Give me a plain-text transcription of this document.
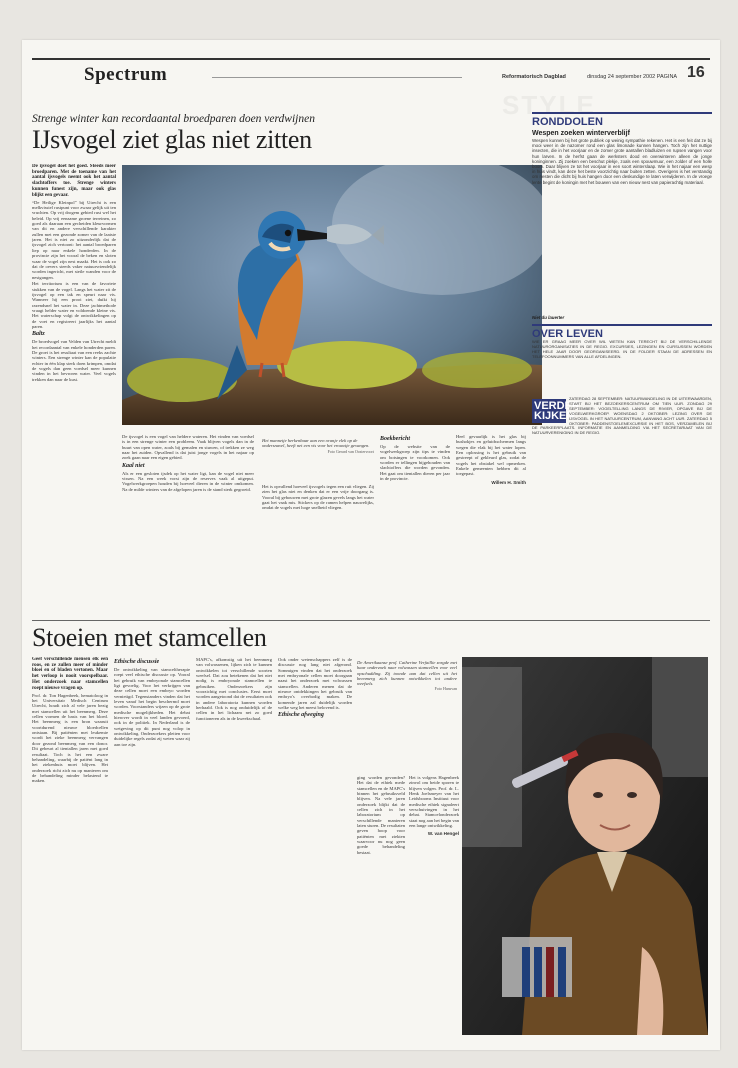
Spectrum	Reformatorisch Dagblad	dinsdag 24 september 2002 PAGINA 16
STYLE
Strenge winter kan recordaantal broedparen doen verdwijnen
IJsvogel ziet glas niet zitten

De ijsvogel doet het goed. Steeds meer broedparen. Met de toename van het aantal ijsvogels neemt ook het aantal slachtoffers toe. Strenge winters kunnen funest zijn, maar ook glas blijkt een gevaar.

“De Heilige Kleinpol” bij Utrecht is een melkvisstel rustpunt voor zwaar gelijk uit ten vruchten. Op vrij drogem gebied rust wel het beleid. Op vrij eenzame groene terreinen, zo goed als daaraan een gecheiden kleurvormen van dit en andere verschillende karakter zullen met een gezonde zomer van de laatste jaren. Het is niet zo uitzonderlijk dat de ijsvogel zich vertoont: het aantal broedparen liep op naar enkele honderden. In de provincie zijn het vooral de beken en sloten waar de vogel zijn nest maakt. Het is ook zo dat de oevers steeds vaker natuurvriendelijk worden ingericht, met steile wanden voor de nestgangen.

Het territorium is een van de favoriete stukken van de vogel. Langs het water zit de ijsvogel op een tak en speurt naar vis. Wanneer hij een prooi ziet, duikt hij razendsnel het water in. Deze jachtmethode vraagt helder water en voldoende kleine vis. Het waterschap volgt de ontwikkelingen op de voet en registreert jaarlijks het aantal paren.

Baltz

De broedvogel van Velden van Utrecht meldt het recordaantal van enkele honderden paren. De groei is het resultaat van een reeks zachte winters. Een strenge winter kan de populatie echter in één klap sterk doen krimpen, omdat de vogels dan geen voedsel meer kunnen vinden in het bevroren water. Veel vogels trekken dan naar de kust.

Het mannetje herkenbaar aan een oranje vlek op de ondersnavel, heeft net een vis voor het vrouwtje gevangen.
Foto Gerard van Oostervoort

De ijsvogel is een vogel van heldere wateren. Het vinden van voedsel is in een strenge winter een probleem. Vaak blijven vogels dan in de buurt van open water, zoals bij gemalen en stuwen, of trekken ze weg naar het zuiden. Opvallend is dat juist jonge vogels in het najaar op zoek gaan naar een eigen gebied.

Kaal niet

Als er een gesloten ijsdek op het water ligt, kan de vogel niet meer vissen. Na een week vorst zijn de reserves vaak al uitgeput. Vogelwerkgroepen houden bij hoeveel dieren in de winter omkomen. Na de milde winters van de afgelopen jaren is de stand sterk gegroeid.

Het is opvallend hoeveel ijsvogels tegen een ruit vliegen. Zij zien het glas niet en denken dat er een vrije doorgang is. Vooral bij gebouwen met grote glazen gevels langs het water gaat het vaak mis. Stickers op de ramen helpen nauwelijks, omdat de vogels met hoge snelheid vliegen.

Boekbericht

Op de website van de vogelwerkgroep zijn tips te vinden om botsingen te voorkomen. Ook worden er tellingen bijgehouden van slachtoffers die worden gevonden. Het gaat om tientallen dieren per jaar in de provincie.

Heel gevaarlijk is het glas bij bushokjes en geluidsschermen langs wegen die vlak bij het water lopen. Een oplossing is het gebruik van gestreept of gekleurd glas, zodat de vogels het obstakel wel opmerken. Enkele gemeenten hebben dit al toegepast.

Willem H. Smith

RONDDOLEN
Wespen zoeken winterverblijf
Wespen kunnen bij het grote publiek op weinig sympathie rekenen. Het is een feit dat ze bij mooi weer in de nazomer rond een glas limonade kunnen hangen. Toch zijn het nuttige insecten, die in het voorjaar en de zomer grote aantallen bladluizen en rupsen vangen voor hun larven. In de herfst gaan de werksters dood en overwinteren alleen de jonge koninginnen. Zij zoeken een beschut plekje, zoals een spouwmuur, een zolder of een holle boom. Daar blijven ze tot het voorjaar in een soort winterslaap. Wie in het najaar een wesp in huis vindt, kan deze het beste voorzichtig naar buiten zetten. Overigens is het verstandig om nesten die dicht bij huis hangen door een deskundige te laten verwijderen. In de vroege lente begint de koningin met het bouwen van een nieuw nest van papierachtig materiaal.
Niet du lauerter
OVER LEVEN
WIE ER GRAAG MEER OVER WIL WETEN KAN TERECHT BIJ DE VERSCHILLENDE NATUURORGANISATIES IN DE REGIO. EXCURSIES, LEZINGEN EN CURSUSSEN WORDEN HET HELE JAAR DOOR GEORGANISEERD. IN DE FOLDER STAAN DE ADRESSEN EN TELEFOONNUMMERS VAN ALLE AFDELINGEN.
VERDER KIJKEN
ZATERDAG 28 SEPTEMBER: NATUURWANDELING IN DE UITERWAARDEN, START BIJ HET BEZOEKERSCENTRUM OM TIEN UUR. ZONDAG 29 SEPTEMBER: VOGELTELLING LANGS DE RIVIER, OPGAVE BIJ DE VOGELWERKGROEP. WOENSDAG 2 OKTOBER: LEZING OVER DE IJSVOGEL IN HET NATUURCENTRUM, AANVANG ACHT UUR. ZATERDAG 5 OKTOBER: PADDENSTOELENEXCURSIE IN HET BOS, VERZAMELEN BIJ DE PARKEERPLAATS. INFORMATIE EN AANMELDING VIA HET SECRETARIAAT VAN DE NATUURVERENIGING IN DE REGIO.
Stoeien met stamcellen

Geef verschillende mensen elk een roos, en ze zullen meer of minder bloei en of bladen vertonen. Maar het verloop is nooit voorspelbaar. Het onderzoek naar stamcellen roept nieuwe vragen op.

Prof. dr. Ton Hagenbeek, hematoloog in het Universitair Medisch Centrum Utrecht, houdt zich al vele jaren bezig met stamcellen uit het beenmerg. Deze cellen vormen de basis van het bloed. Het beenmerg is een bron waaruit voortdurend nieuwe bloedcellen ontstaan. Bij patiënten met leukemie wordt het zieke beenmerg vervangen door gezond beenmerg van een donor. Dit gebeurt al tientallen jaren met goed resultaat. Toch is het een zware behandeling, waarbij de patiënt lang in het ziekenhuis moet blijven. Het onderzoek richt zich nu op manieren om de behandeling minder belastend te maken.

Ethische discussie

De ontwikkeling van stamceltherapie roept veel ethische discussie op. Vooral het gebruik van embryonale stamcellen ligt gevoelig. Voor het verkrijgen van deze cellen moet een embryo worden vernietigd. Tegenstanders vinden dat het leven vanaf het begin beschermd moet worden. Voorstanders wijzen op de grote medische mogelijkheden. Het debat hierover wordt in veel landen gevoerd, ook in de politiek. In Nederland is de wetgeving op dit punt nog volop in ontwikkeling. Onderzoekers pleiten voor duidelijke regels zodat zij weten waar zij aan toe zijn.

MAPC's, afkomstig uit het beenmerg van volwassenen, lijken zich te kunnen ontwikkelen tot verschillende soorten weefsel. Dat zou betekenen dat het niet nodig is embryonale stamcellen te gebruiken. Onderzoekers zijn voorzichtig met conclusies. Eerst moet worden aangetoond dat de resultaten ook in andere laboratoria kunnen worden herhaald. Ook is nog onduidelijk of de cellen in het lichaam net zo goed functioneren als in de kweekschaal.

Ook onder wetenschappers zelf is de discussie nog lang niet afgerond. Sommigen vinden dat het onderzoek met embryonale cellen moet doorgaan naast het onderzoek met volwassen stamcellen. Anderen menen dat de nieuwe ontdekkingen het gebruik van embryo's overbodig maken. De komende jaren zal duidelijk worden welke weg het meest belovend is.

Ethische afweging

De Amerikaanse prof. Catherine Verfaillie zorgde met haar onderzoek naar volwassen stamcellen voor veel opschudding. Zij toonde aan dat cellen uit het beenmerg zich kunnen ontwikkelen tot andere weefsels.
Foto Hansvan

ging worden gevonden? Het dat de ethiek mede stamcellen en de MAPC's binnen het gebruiksveld blijven. Na vele jaren onderzoek blijkt dat de cellen zich in het laboratorium op verschillende manieren laten sturen. De resultaten geven hoop voor patiënten met ziekten waarvoor nu nog geen goede behandeling bestaat.

Het is volgens Hagenbeek zinvol om beide sporen te blijven volgen. Prof. dr. L. Henk Joelsmeyer van het Leidsbooms Instituut voor medische ethiek signaleert verschuivingen in het debat. Stamcelonderzoek staat nog aan het begin van een lange ontwikkeling.

W. van Hengel
